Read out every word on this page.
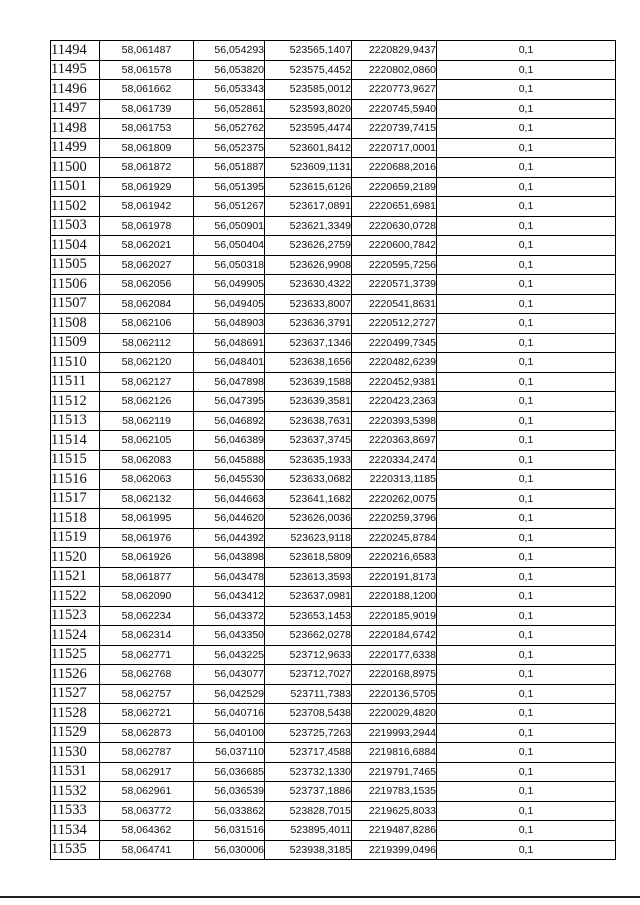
11494	58,061487	56,054293	523565,1407	2220829,9437	0,1
11495	58,061578	56,053820	523575,4452	2220802,0860	0,1
11496	58,061662	56,053343	523585,0012	2220773,9627	0,1
11497	58,061739	56,052861	523593,8020	2220745,5940	0,1
11498	58,061753	56,052762	523595,4474	2220739,7415	0,1
11499	58,061809	56,052375	523601,8412	2220717,0001	0,1
11500	58,061872	56,051887	523609,1131	2220688,2016	0,1
11501	58,061929	56,051395	523615,6126	2220659,2189	0,1
11502	58,061942	56,051267	523617,0891	2220651,6981	0,1
11503	58,061978	56,050901	523621,3349	2220630,0728	0,1
11504	58,062021	56,050404	523626,2759	2220600,7842	0,1
11505	58,062027	56,050318	523626,9908	2220595,7256	0,1
11506	58,062056	56,049905	523630,4322	2220571,3739	0,1
11507	58,062084	56,049405	523633,8007	2220541,8631	0,1
11508	58,062106	56,048903	523636,3791	2220512,2727	0,1
11509	58,062112	56,048691	523637,1346	2220499,7345	0,1
11510	58,062120	56,048401	523638,1656	2220482,6239	0,1
11511	58,062127	56,047898	523639,1588	2220452,9381	0,1
11512	58,062126	56,047395	523639,3581	2220423,2363	0,1
11513	58,062119	56,046892	523638,7631	2220393,5398	0,1
11514	58,062105	56,046389	523637,3745	2220363,8697	0,1
11515	58,062083	56,045888	523635,1933	2220334,2474	0,1
11516	58,062063	56,045530	523633,0682	2220313,1185	0,1
11517	58,062132	56,044663	523641,1682	2220262,0075	0,1
11518	58,061995	56,044620	523626,0036	2220259,3796	0,1
11519	58,061976	56,044392	523623,9118	2220245,8784	0,1
11520	58,061926	56,043898	523618,5809	2220216,6583	0,1
11521	58,061877	56,043478	523613,3593	2220191,8173	0,1
11522	58,062090	56,043412	523637,0981	2220188,1200	0,1
11523	58,062234	56,043372	523653,1453	2220185,9019	0,1
11524	58,062314	56,043350	523662,0278	2220184,6742	0,1
11525	58,062771	56,043225	523712,9633	2220177,6338	0,1
11526	58,062768	56,043077	523712,7027	2220168,8975	0,1
11527	58,062757	56,042529	523711,7383	2220136,5705	0,1
11528	58,062721	56,040716	523708,5438	2220029,4820	0,1
11529	58,062873	56,040100	523725,7263	2219993,2944	0,1
11530	58,062787	56,037110	523717,4588	2219816,6884	0,1
11531	58,062917	56,036685	523732,1330	2219791,7465	0,1
11532	58,062961	56,036539	523737,1886	2219783,1535	0,1
11533	58,063772	56,033862	523828,7015	2219625,8033	0,1
11534	58,064362	56,031516	523895,4011	2219487,8286	0,1
11535	58,064741	56,030006	523938,3185	2219399,0496	0,1
